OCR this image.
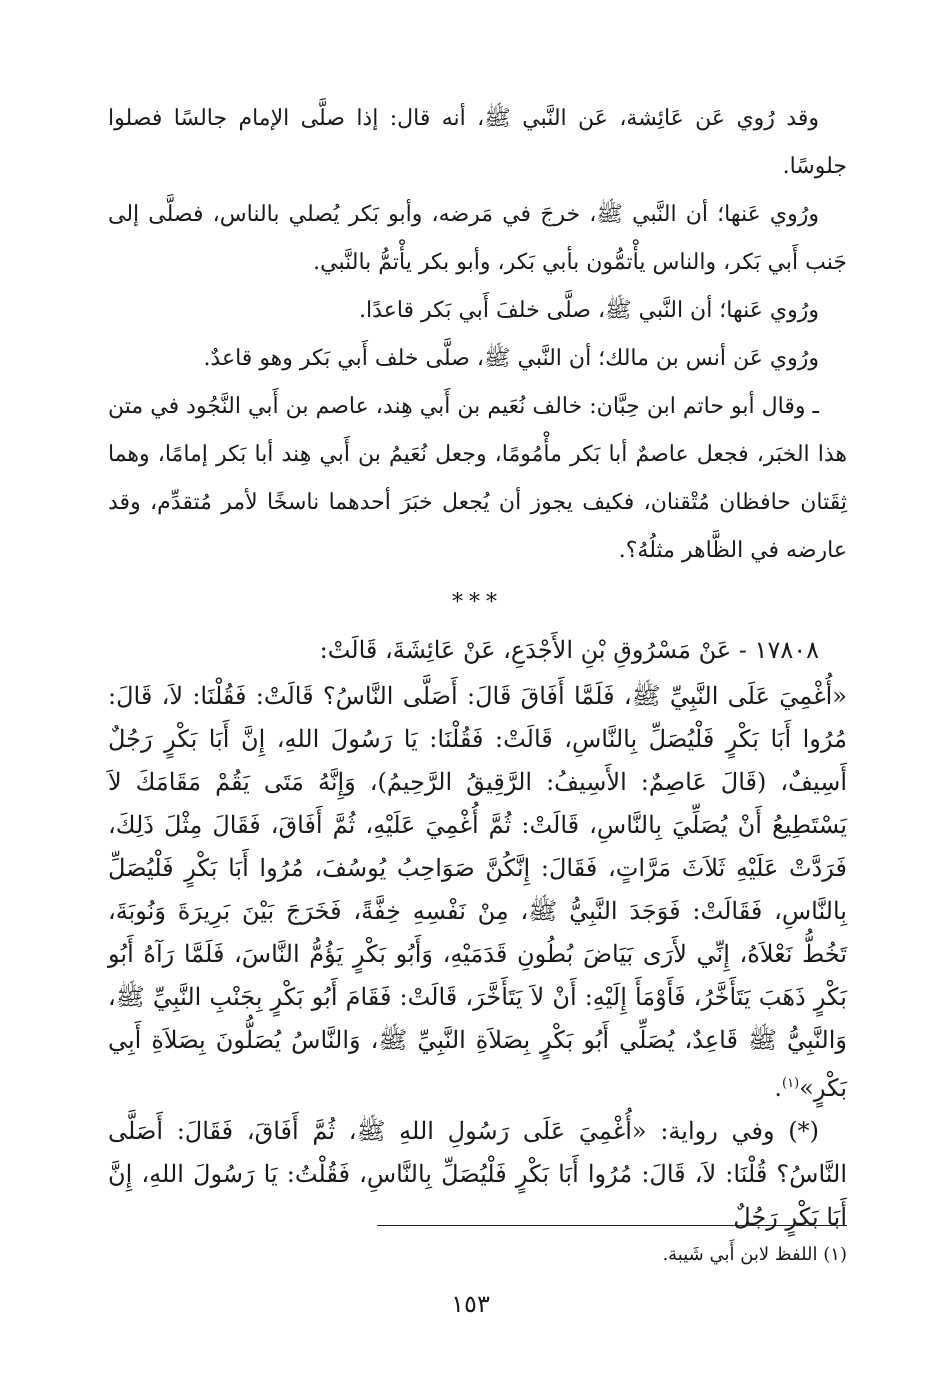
وقد رُوي عَن عَائِشة، عَن النَّبي ﷺ، أنه قال: إذا صلَّى الإمام جالسًا فصلوا جلوسًا.

ورُوي عَنها؛ أن النَّبي ﷺ، خرجَ في مَرضه، وأبو بَكر يُصلي بالناس، فصلَّى إلى جَنب أَبي بَكر، والناس يأْتمُّون بأبي بَكر، وأبو بكر يأْتمُّ بالنَّبي.

ورُوي عَنها؛ أن النَّبي ﷺ، صلَّى خلفَ أَبي بَكر قاعدًا.

ورُوي عَن أنس بن مالك؛ أن النَّبي ﷺ، صلَّى خلف أَبي بَكر وهو قاعدٌ.

ـ وقال أبو حاتم ابن حِبَّان: خالف نُعَيم بن أَبي هِند، عاصم بن أَبي النَّجُود في متن هذا الخبَر، فجعل عاصمٌ أبا بَكر مأْمُومًا، وجعل نُعَيمُ بن أَبي هِند أبا بَكر إمامًا، وهما ثِقَتان حافظان مُتْقنان، فكيف يجوز أن يُجعل خبَرَ أحدهما ناسخًا لأمر مُتقدِّم، وقد عارضه في الظَّاهر مثلُهُ؟.

***

١٧٨٠٨ - عَنْ مَسْرُوقِ بْنِ الأَجْدَعِ، عَنْ عَائِشَةَ، قَالَتْ:

«أُغْمِيَ عَلَى النَّبِيِّ ﷺ، فَلَمَّا أَفَاقَ قَالَ: أَصَلَّى النَّاسُ؟ قَالَتْ: فَقُلْنَا: لاَ، قَالَ: مُرُوا أَبَا بَكْرٍ فَلْيُصَلِّ بِالنَّاسِ، قَالَتْ: فَقُلْنَا: يَا رَسُولَ اللهِ، إِنَّ أَبَا بَكْرٍ رَجُلٌ أَسِيفٌ، (قَالَ عَاصِمٌ: الأَسِيفُ: الرَّقِيقُ الرَّحِيمُ)، وَإِنَّهُ مَتَى يَقُمْ مَقَامَكَ لاَ يَسْتَطِيعُ أَنْ يُصَلِّيَ بِالنَّاسِ، قَالَتْ: ثُمَّ أُغْمِيَ عَلَيْهِ، ثُمَّ أَفَاقَ، فَقَالَ مِثْلَ ذَلِكَ، فَرَدَّتْ عَلَيْهِ ثَلاَثَ مَرَّاتٍ، فَقَالَ: إِنَّكُنَّ صَوَاحِبُ يُوسُفَ، مُرُوا أَبَا بَكْرٍ فَلْيُصَلِّ بِالنَّاسِ، فَقَالَتْ: فَوَجَدَ النَّبِيُّ ﷺ، مِنْ نَفْسِهِ خِفَّةً، فَخَرَجَ بَيْنَ بَرِيرَةَ وَنُوبَةَ، تَخُطُّ نَعْلاَهُ، إِنِّي لأَرَى بَيَاضَ بُطُونِ قَدَمَيْهِ، وَأَبُو بَكْرٍ يَؤُمُّ النَّاسَ، فَلَمَّا رَآهُ أَبُو بَكْرٍ ذَهَبَ يَتَأَخَّرُ، فَأَوْمَأَ إِلَيْهِ: أَنْ لاَ يَتَأَخَّرَ، قَالَتْ: فَقَامَ أَبُو بَكْرٍ بِجَنْبِ النَّبِيِّ ﷺ، وَالنَّبِيُّ ﷺ قَاعِدٌ، يُصَلِّي أَبُو بَكْرٍ بِصَلاَةِ النَّبِيِّ ﷺ، وَالنَّاسُ يُصَلُّونَ بِصَلاَةِ أَبِي بَكْرٍ»$^{(١)}$.

(*) وفي رواية: «أُغْمِيَ عَلَى رَسُولِ اللهِ ﷺ، ثُمَّ أَفَاقَ، فَقَالَ: أَصَلَّى النَّاسُ؟ قُلْنَا: لاَ، قَالَ: مُرُوا أَبَا بَكْرٍ فَلْيُصَلِّ بِالنَّاسِ، فَقُلْتُ: يَا رَسُولَ اللهِ، إِنَّ أَبَا بَكْرٍ رَجُلٌ

(١) اللفظ لابن أَبي شَيبة.
١٥٣
